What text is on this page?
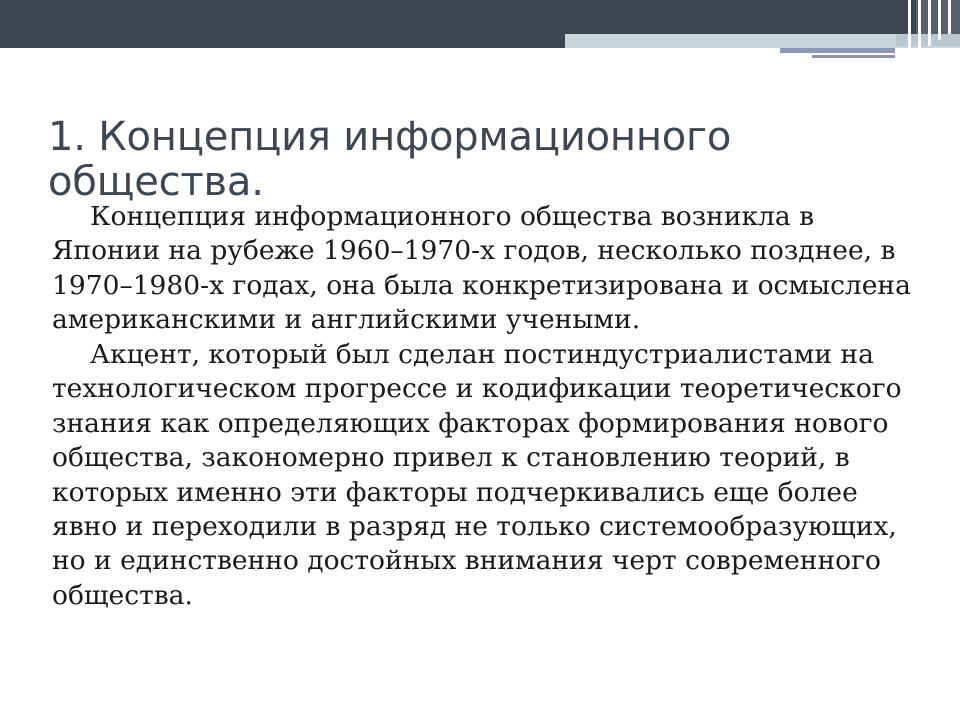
1. Концепция информационного общества.

Концепция информационного общества возникла в Японии на рубеже 1960–1970-х годов, несколько позднее, в 1970–1980-х годах, она была конкретизирована и осмыслена американскими и английскими учеными.

Акцент, который был сделан постиндустриалистами на технологическом прогрессе и кодификации теоретического знания как определяющих факторах формирования нового общества, закономерно привел к становлению теорий, в которых именно эти факторы подчеркивались еще более явно и переходили в разряд не только системообразующих, но и единственно достойных внимания черт современного общества.
